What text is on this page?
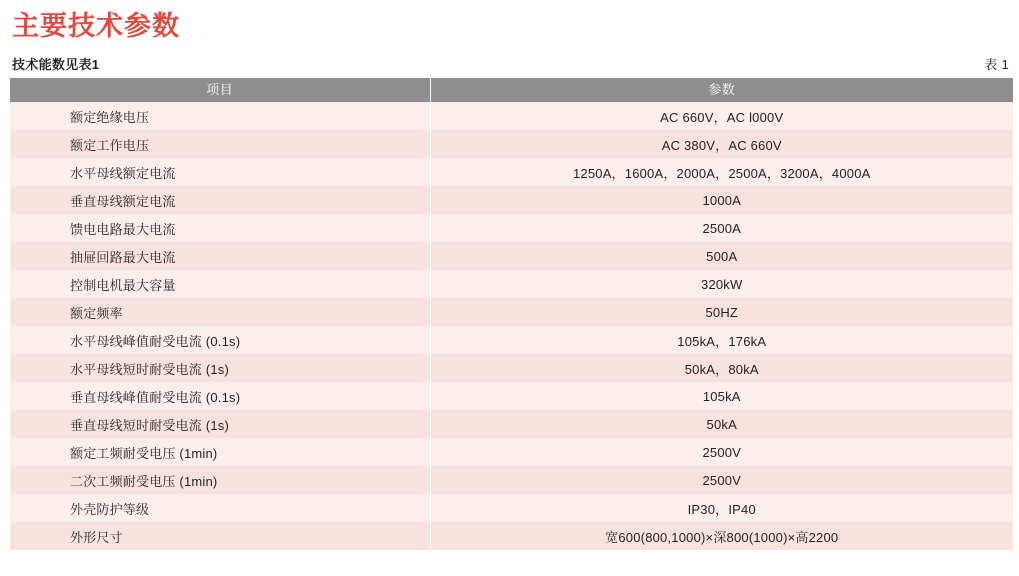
主要技术参数
技术能数见表1	表 1
项目	参数
额定绝缘电压	AC 660V，AC l000V
额定工作电压	AC 380V，AC 660V
水平母线额定电流	1250A，1600A，2000A，2500A，3200A，4000A
垂直母线额定电流	1000A
馈电电路最大电流	2500A
抽屉回路最大电流	500A
控制电机最大容量	320kW
额定频率	50HZ
水平母线峰值耐受电流 (0.1s)	105kA，176kA
水平母线短时耐受电流 (1s)	50kA，80kA
垂直母线峰值耐受电流 (0.1s)	105kA
垂直母线短时耐受电流 (1s)	50kA
额定工频耐受电压 (1min)	2500V
二次工频耐受电压 (1min)	2500V
外壳防护等级	IP30，IP40
外形尺寸	宽600(800,1000)×深800(1000)×高2200
